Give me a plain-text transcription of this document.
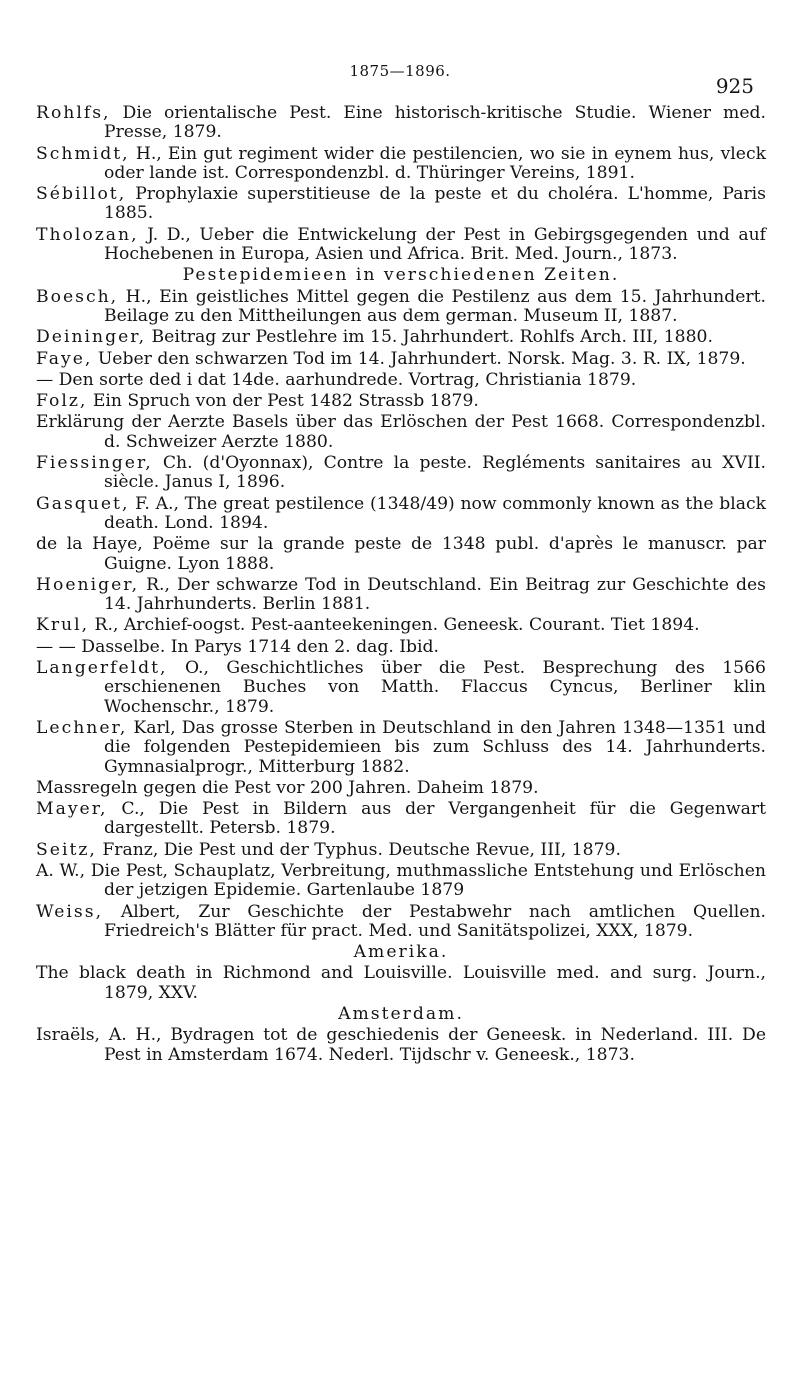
1875—1896.
925
Rohlfs, Die orientalische Pest. Eine historisch-kritische Studie. Wiener med. Presse, 1879.
Schmidt, H., Ein gut regiment wider die pestilencien, wo sie in eynem hus, vleck oder lande ist. Correspondenzbl. d. Thüringer Vereins, 1891.
Sébillot, Prophylaxie superstitieuse de la peste et du choléra. L'homme, Paris 1885.
Tholozan, J. D., Ueber die Entwickelung der Pest in Gebirgsgegenden und auf Hochebenen in Europa, Asien und Africa. Brit. Med. Journ., 1873.
Pestepidemieen in verschiedenen Zeiten.
Boesch, H., Ein geistliches Mittel gegen die Pestilenz aus dem 15. Jahrhundert. Beilage zu den Mittheilungen aus dem german. Museum II, 1887.
Deininger, Beitrag zur Pestlehre im 15. Jahrhundert. Rohlfs Arch. III, 1880.
Faye, Ueber den schwarzen Tod im 14. Jahrhundert. Norsk. Mag. 3. R. IX, 1879.
— Den sorte ded i dat 14de. aarhundrede. Vortrag, Christiania 1879.
Folz, Ein Spruch von der Pest 1482 Strassb 1879.
Erklärung der Aerzte Basels über das Erlöschen der Pest 1668. Correspondenzbl. d. Schweizer Aerzte 1880.
Fiessinger, Ch. (d'Oyonnax), Contre la peste. Regléments sanitaires au XVII. siècle. Janus I, 1896.
Gasquet, F. A., The great pestilence (1348/49) now commonly known as the black death. Lond. 1894.
de la Haye, Poëme sur la grande peste de 1348 publ. d'après le manuscr. par Guigne. Lyon 1888.
Hoeniger, R., Der schwarze Tod in Deutschland. Ein Beitrag zur Geschichte des 14. Jahrhunderts. Berlin 1881.
Krul, R., Archief-oogst. Pest-aanteekeningen. Geneesk. Courant. Tiet 1894.
— — Dasselbe. In Parys 1714 den 2. dag. Ibid.
Langerfeldt, O., Geschichtliches über die Pest. Besprechung des 1566 erschienenen Buches von Matth. Flaccus Cyncus, Berliner klin Wochenschr., 1879.
Lechner, Karl, Das grosse Sterben in Deutschland in den Jahren 1348—1351 und die folgenden Pestepidemieen bis zum Schluss des 14. Jahrhunderts. Gymnasialprogr., Mitterburg 1882.
Massregeln gegen die Pest vor 200 Jahren. Daheim 1879.
Mayer, C., Die Pest in Bildern aus der Vergangenheit für die Gegenwart dargestellt. Petersb. 1879.
Seitz, Franz, Die Pest und der Typhus. Deutsche Revue, III, 1879.
A. W., Die Pest, Schauplatz, Verbreitung, muthmassliche Entstehung und Erlöschen der jetzigen Epidemie. Gartenlaube 1879
Weiss, Albert, Zur Geschichte der Pestabwehr nach amtlichen Quellen. Friedreich's Blätter für pract. Med. und Sanitätspolizei, XXX, 1879.
Amerika.
The black death in Richmond and Louisville. Louisville med. and surg. Journ., 1879, XXV.
Amsterdam.
Israëls, A. H., Bydragen tot de geschiedenis der Geneesk. in Nederland. III. De Pest in Amsterdam 1674. Nederl. Tijdschr v. Geneesk., 1873.
